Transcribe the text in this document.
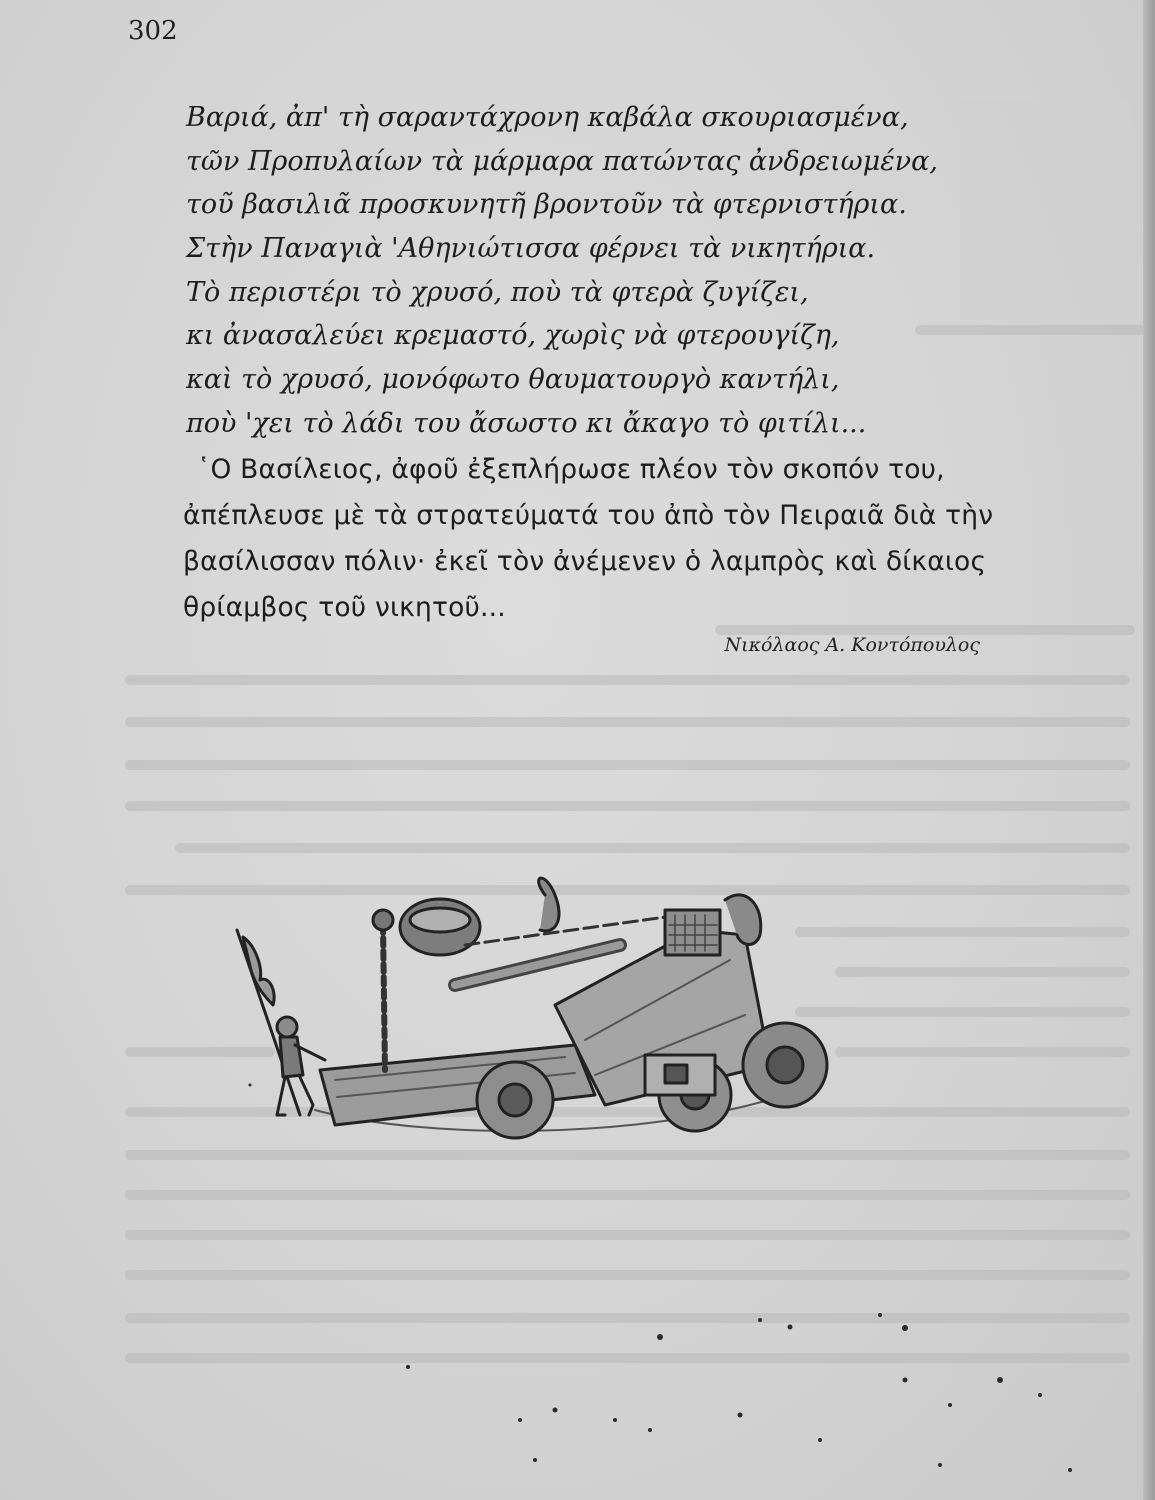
302
Βαριά, ἀπ' τὴ σαραντάχρονη καβάλα σκουριασμένα,
τῶν Προπυλαίων τὰ μάρμαρα πατώντας ἀνδρειωμένα,
τοῦ βασιλιᾶ προσκυνητῆ βροντοῦν τὰ φτερνιστήρια.
Στὴν Παναγιὰ 'Αθηνιώτισσα φέρνει τὰ νικητήρια.
Τὸ περιστέρι τὸ χρυσό, ποὺ τὰ φτερὰ ζυγίζει,
κι ἀνασαλεύει κρεμαστό, χωρὶς νὰ φτερουγίζη,
καὶ τὸ χρυσό, μονόφωτο θαυματουργὸ καντήλι,
ποὺ 'χει τὸ λάδι του ἄσωστο κι ἄκαγο τὸ φιτίλι...
῾Ο Βασίλειος, ἀφοῦ ἐξεπλήρωσε πλέον τὸν σκοπόν του,
ἀπέπλευσε μὲ τὰ στρατεύματά του ἀπὸ τὸν Πειραιᾶ διὰ τὴν
βασίλισσαν πόλιν· ἐκεῖ τὸν ἀνέμενεν ὁ λαμπρὸς καὶ δίκαιος
θρίαμβος τοῦ νικητοῦ...
Νικόλαος Α. Κοντόπουλος
